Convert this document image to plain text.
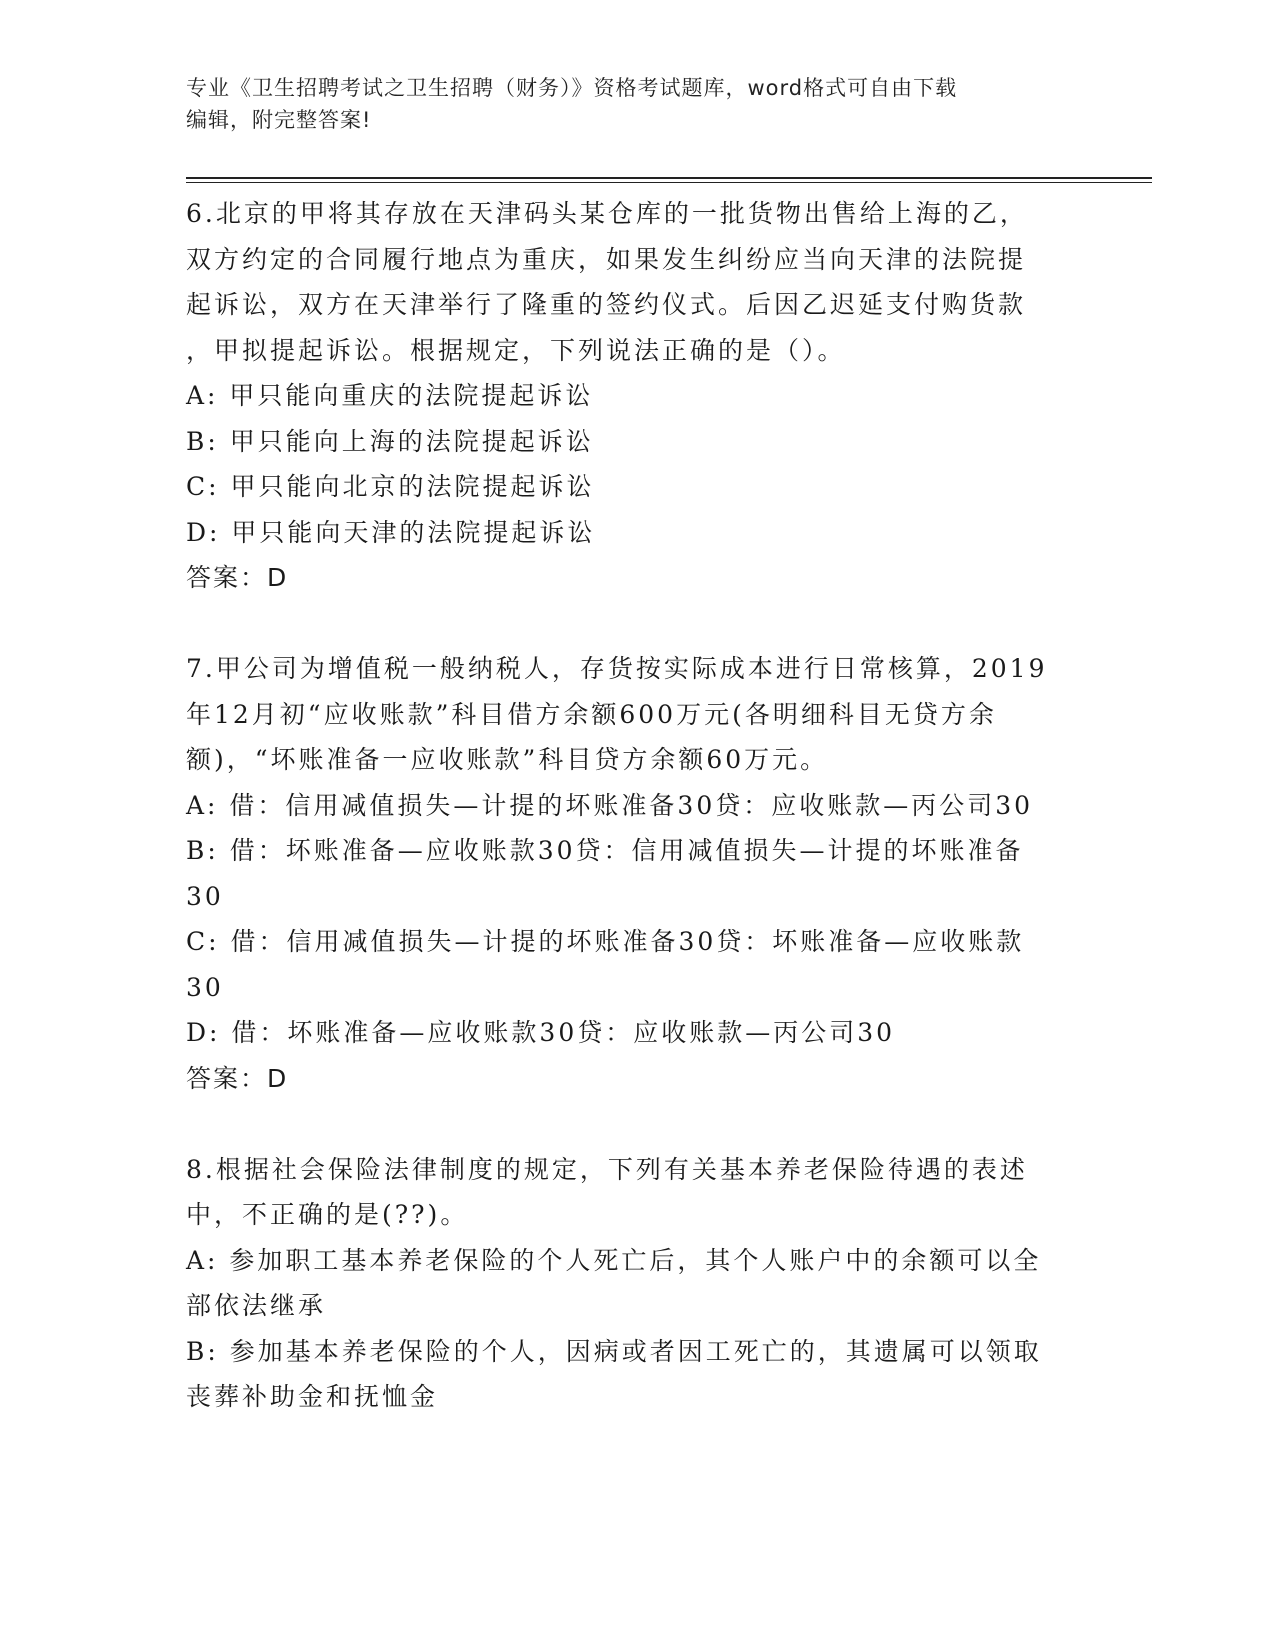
专业《卫生招聘考试之卫生招聘（财务）》资格考试题库，word格式可自由下载
编辑，附完整答案!
6.北京的甲将其存放在天津码头某仓库的一批货物出售给上海的乙，
双方约定的合同履行地点为重庆，如果发生纠纷应当向天津的法院提
起诉讼，双方在天津举行了隆重的签约仪式。后因乙迟延支付购货款
，甲拟提起诉讼。根据规定，下列说法正确的是（）。
A: 甲只能向重庆的法院提起诉讼
B: 甲只能向上海的法院提起诉讼
C: 甲只能向北京的法院提起诉讼
D: 甲只能向天津的法院提起诉讼
答案：D
7.甲公司为增值税一般纳税人，存货按实际成本进行日常核算，2019
年12月初“应收账款”科目借方余额600万元(各明细科目无贷方余
额)，“坏账准备一应收账款”科目贷方余额60万元。
A: 借：信用减值损失—计提的坏账准备30贷：应收账款—丙公司30
B: 借：坏账准备—应收账款30贷：信用减值损失—计提的坏账准备
30
C: 借：信用减值损失—计提的坏账准备30贷：坏账准备—应收账款
30
D: 借：坏账准备—应收账款30贷：应收账款—丙公司30
答案：D
8.根据社会保险法律制度的规定，下列有关基本养老保险待遇的表述
中，不正确的是(??)。
A: 参加职工基本养老保险的个人死亡后，其个人账户中的余额可以全
部依法继承
B: 参加基本养老保险的个人，因病或者因工死亡的，其遗属可以领取
丧葬补助金和抚恤金
